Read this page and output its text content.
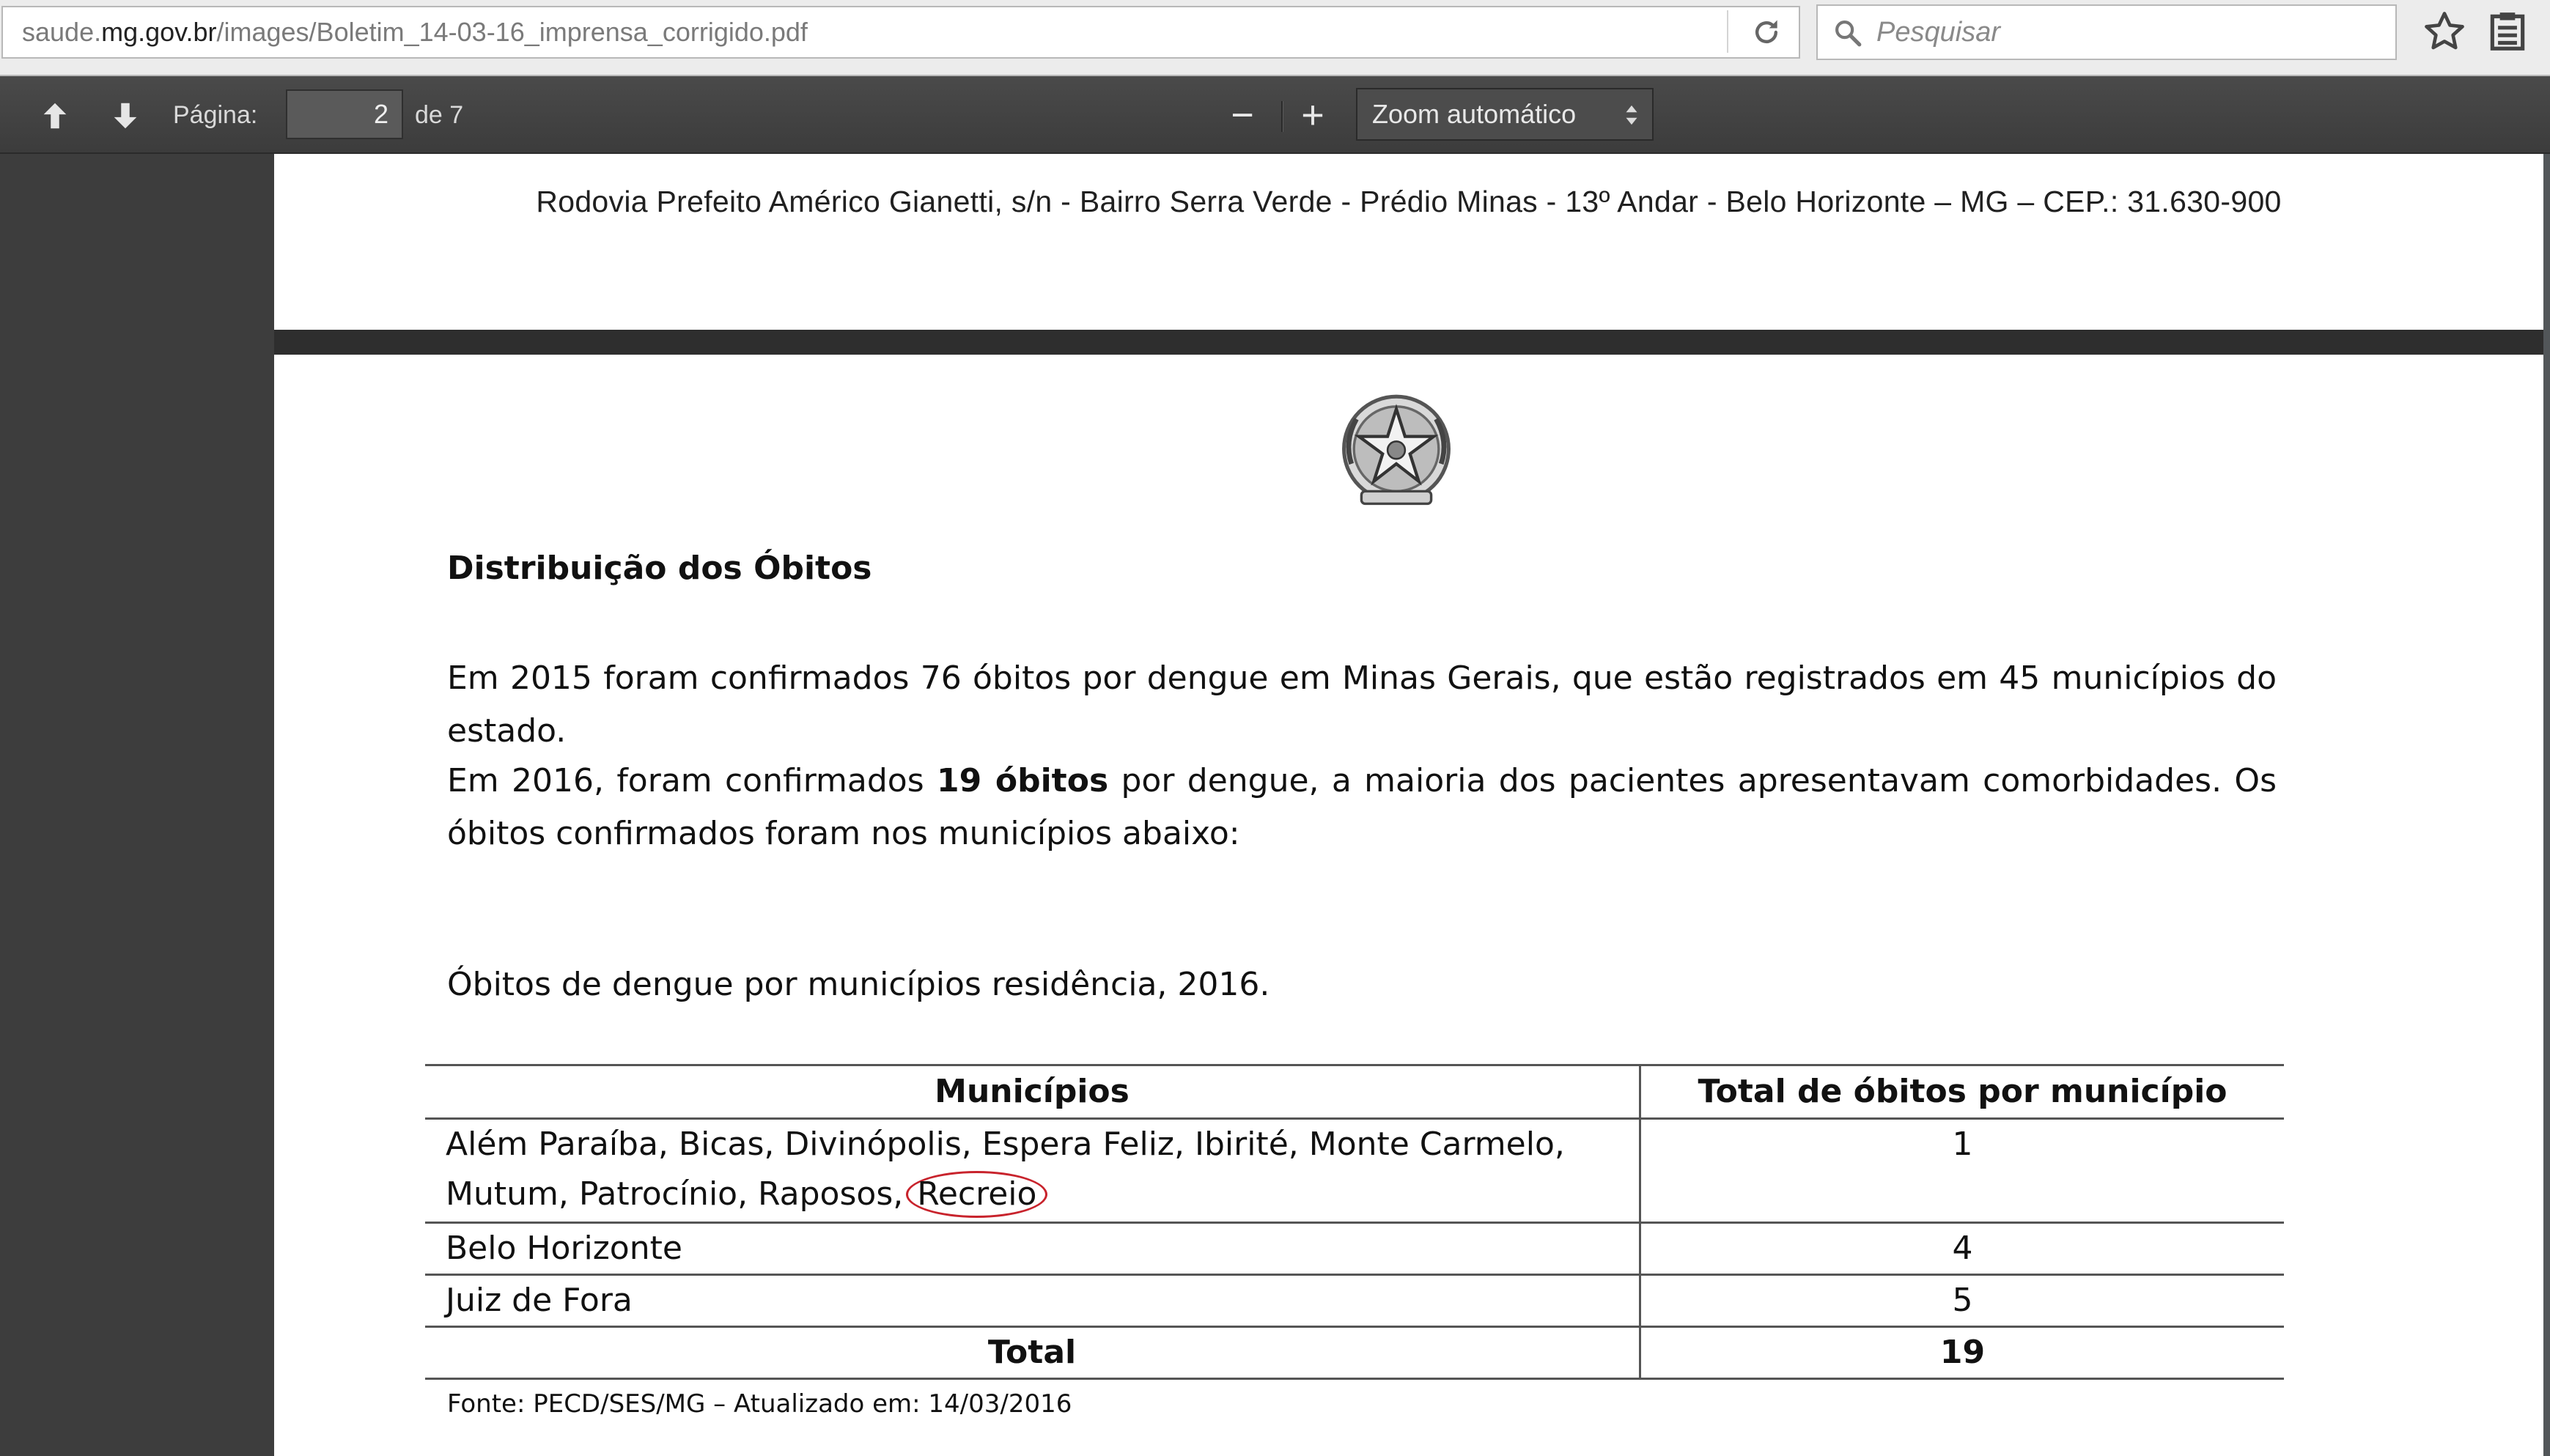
saude.mg.gov.br/images/Boletim_14-03-16_imprensa_corrigido.pdf	Pesquisar
Página:	2	de 7	−	+	Zoom automático
Rodovia Prefeito Américo Gianetti, s/n - Bairro Serra Verde - Prédio Minas - 13º Andar - Belo Horizonte – MG – CEP.: 31.630-900
Distribuição dos Óbitos
Em 2015 foram confirmados 76 óbitos por dengue em Minas Gerais, que estão registrados em 45 municípios do estado.
Em 2016, foram confirmados 19 óbitos por dengue, a maioria dos pacientes apresentavam comorbidades. Os óbitos confirmados foram nos municípios abaixo:
Óbitos de dengue por municípios residência, 2016.
Municípios	Total de óbitos por município
Além Paraíba, Bicas, Divinópolis, Espera Feliz, Ibirité, Monte Carmelo, Mutum, Patrocínio, Raposos, Recreio	1
Belo Horizonte	4
Juiz de Fora	5
Total	19
Fonte: PECD/SES/MG – Atualizado em: 14/03/2016
